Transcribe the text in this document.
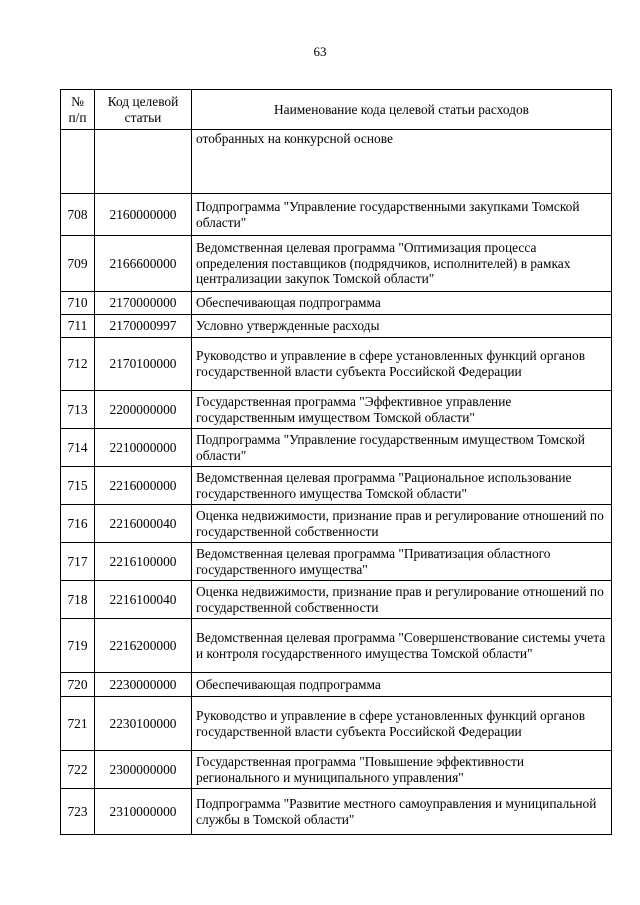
63
№ п/п	Код целевой статьи	Наименование кода целевой статьи расходов
		отобранных на конкурсной основе
708	2160000000	Подпрограмма "Управление государственными закупками Томской области"
709	2166600000	Ведомственная целевая программа "Оптимизация процесса определения поставщиков (подрядчиков, исполнителей) в рамках централизации закупок Томской области"
710	2170000000	Обеспечивающая подпрограмма
711	2170000997	Условно утвержденные расходы
712	2170100000	Руководство и управление в сфере установленных функций органов государственной власти субъекта Российской Федерации
713	2200000000	Государственная программа "Эффективное управление государственным имуществом Томской области"
714	2210000000	Подпрограмма "Управление государственным имуществом Томской области"
715	2216000000	Ведомственная целевая программа "Рациональное использование государственного имущества Томской области"
716	2216000040	Оценка недвижимости, признание прав и регулирование отношений по государственной собственности
717	2216100000	Ведомственная целевая программа "Приватизация областного государственного имущества"
718	2216100040	Оценка недвижимости, признание прав и регулирование отношений по государственной собственности
719	2216200000	Ведомственная целевая программа "Совершенствование системы учета и контроля государственного имущества Томской области"
720	2230000000	Обеспечивающая подпрограмма
721	2230100000	Руководство и управление в сфере установленных функций органов государственной власти субъекта Российской Федерации
722	2300000000	Государственная программа "Повышение эффективности регионального и муниципального управления"
723	2310000000	Подпрограмма "Развитие местного самоуправления и муниципальной службы в Томской области"
